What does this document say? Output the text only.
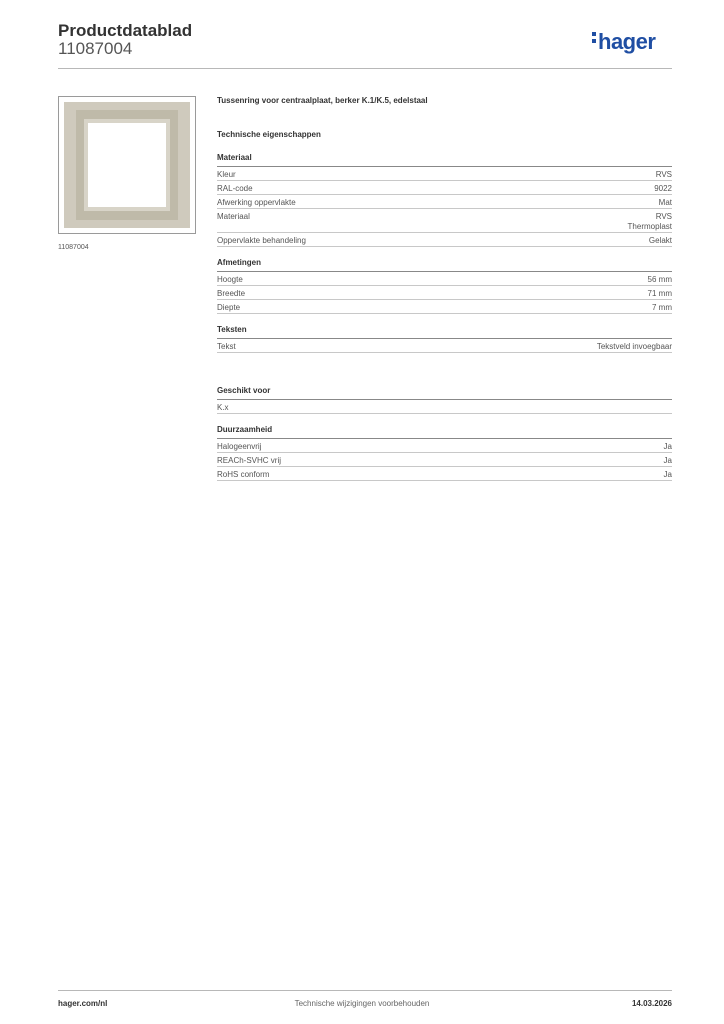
Productdatablad
11087004	hager
11087004
Tussenring voor centraalplaat, berker K.1/K.5, edelstaal
Technische eigenschappen
Materiaal
Kleur	RVS
RAL-code	9022
Afwerking oppervlakte	Mat
Materiaal	RVS
Thermoplast
Oppervlakte behandeling	Gelakt
Afmetingen
Hoogte	56 mm
Breedte	71 mm
Diepte	7 mm
Teksten
Tekst	Tekstveld invoegbaar
Geschikt voor
K.x
Duurzaamheid
Halogeenvrij	Ja
REACh-SVHC vrij	Ja
RoHS conform	Ja
hager.com/nl	Technische wijzigingen voorbehouden	14.03.2026
